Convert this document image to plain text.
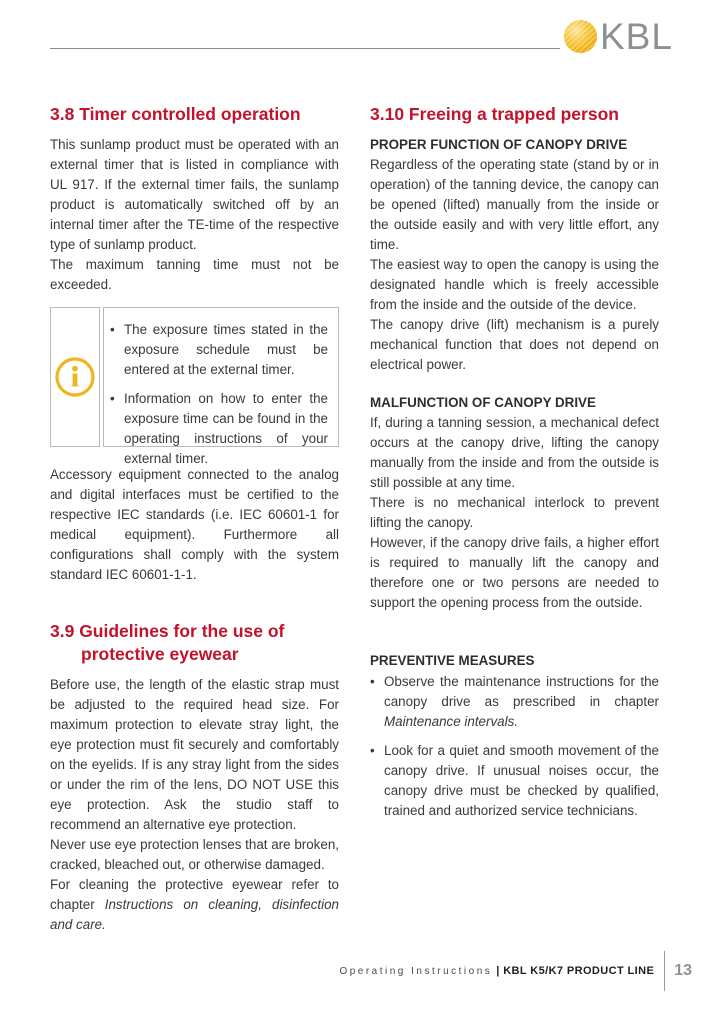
KBL
3.8 Timer controlled operation

This sunlamp product must be operated with an external timer that is listed in compliance with UL 917. If the external timer fails, the sunlamp product is automatically switched off by an internal timer after the TE-time of the respective type of sunlamp product.

The maximum tanning time must not be exceeded.

• The exposure times stated in the exposure schedule must be entered at the external timer.
• Information on how to enter the exposure time can be found in the operating instructions of your external timer.

Accessory equipment connected to the analog and digital interfaces must be certified to the respective IEC standards (i.e. IEC 60601-1 for medical equipment). Furthermore all configurations shall comply with the system standard IEC 60601-1-1.

3.9 Guidelines for the use of
protective eyewear

Before use, the length of the elastic strap must be adjusted to the required head size. For maximum protection to elevate stray light, the eye protection must fit securely and comfortably on the eyelids. If is any stray light from the sides or under the rim of the lens, DO NOT USE this eye protection. Ask the studio staff to recommend an alternative eye protection.

Never use eye protection lenses that are broken, cracked, bleached out, or otherwise damaged.

For cleaning the protective eyewear refer to chapter Instructions on cleaning, disinfection and care.

3.10 Freeing a trapped person

PROPER FUNCTION OF CANOPY DRIVE

Regardless of the operating state (stand by or in operation) of the tanning device, the canopy can be opened (lifted) manually from the inside or the outside easily and with very little effort, any time.

The easiest way to open the canopy is using the designated handle which is freely accessible from the inside and the outside of the device.

The canopy drive (lift) mechanism is a purely mechanical function that does not depend on electrical power.

MALFUNCTION OF CANOPY DRIVE

If, during a tanning session, a mechanical defect occurs at the canopy drive, lifting the canopy manually from the inside and from the outside is still possible at any time.

There is no mechanical interlock to prevent lifting the canopy.

However, if the canopy drive fails, a higher effort is required to manually lift the canopy and therefore one or two persons are needed to support the opening process from the outside.

PREVENTIVE MEASURES

• Observe the maintenance instructions for the canopy drive as prescribed in chapter Maintenance intervals.
• Look for a quiet and smooth movement of the canopy drive. If unusual noises occur, the canopy drive must be checked by qualified, trained and authorized service technicians.
Operating Instructions | KBL K5/K7 PRODUCT LINE 13
